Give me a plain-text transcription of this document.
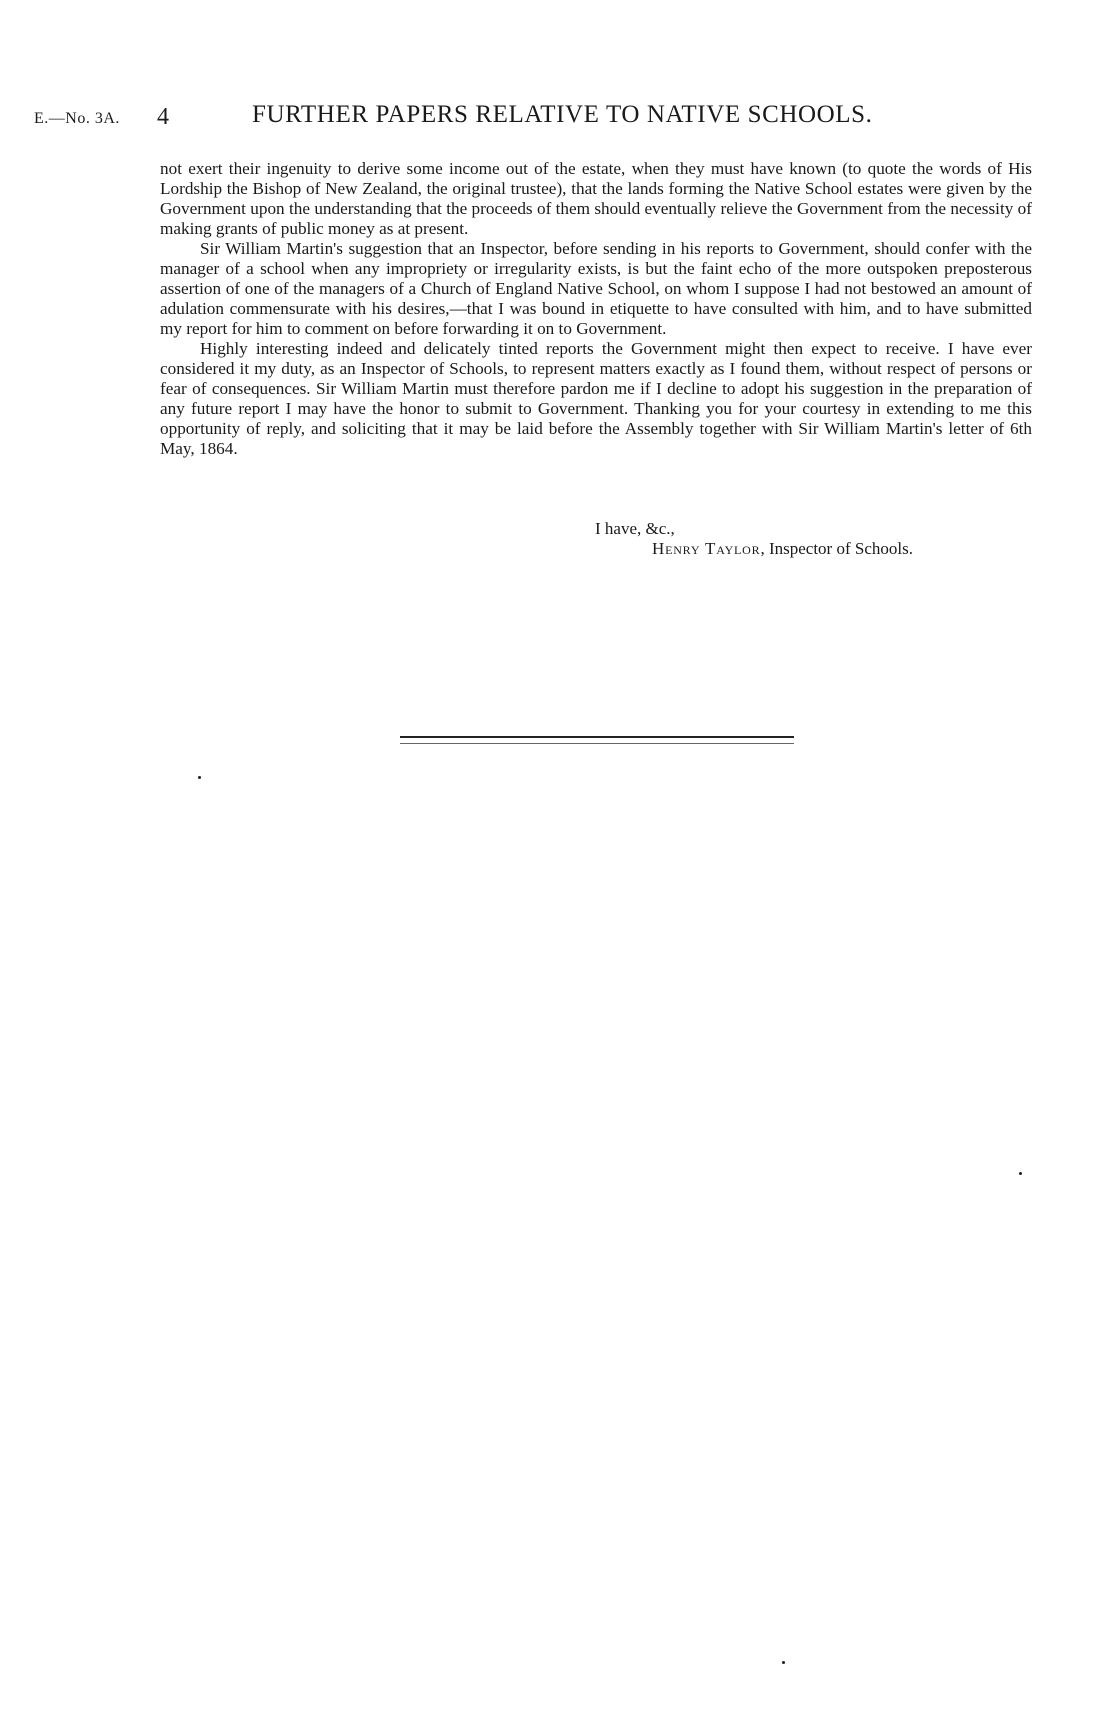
E.—No. 3A. 4	FURTHER PAPERS RELATIVE TO NATIVE SCHOOLS.

not exert their ingenuity to derive some income out of the estate, when they must have known (to quote the words of His Lordship the Bishop of New Zealand, the original trustee), that the lands forming the Native School estates were given by the Government upon the understanding that the proceeds of them should eventually relieve the Government from the necessity of making grants of public money as at present.

Sir William Martin's suggestion that an Inspector, before sending in his reports to Government, should confer with the manager of a school when any impropriety or irregularity exists, is but the faint echo of the more outspoken preposterous assertion of one of the managers of a Church of England Native School, on whom I suppose I had not bestowed an amount of adulation commensurate with his desires,—that I was bound in etiquette to have consulted with him, and to have submitted my report for him to comment on before forwarding it on to Government.

Highly interesting indeed and delicately tinted reports the Government might then expect to receive. I have ever considered it my duty, as an Inspector of Schools, to represent matters exactly as I found them, without respect of persons or fear of consequences. Sir William Martin must therefore pardon me if I decline to adopt his suggestion in the preparation of any future report I may have the honor to submit to Government. Thanking you for your courtesy in extending to me this opportunity of reply, and soliciting that it may be laid before the Assembly together with Sir William Martin's letter of 6th May, 1864.

I have, &c.,
Henry Taylor, Inspector of Schools.
